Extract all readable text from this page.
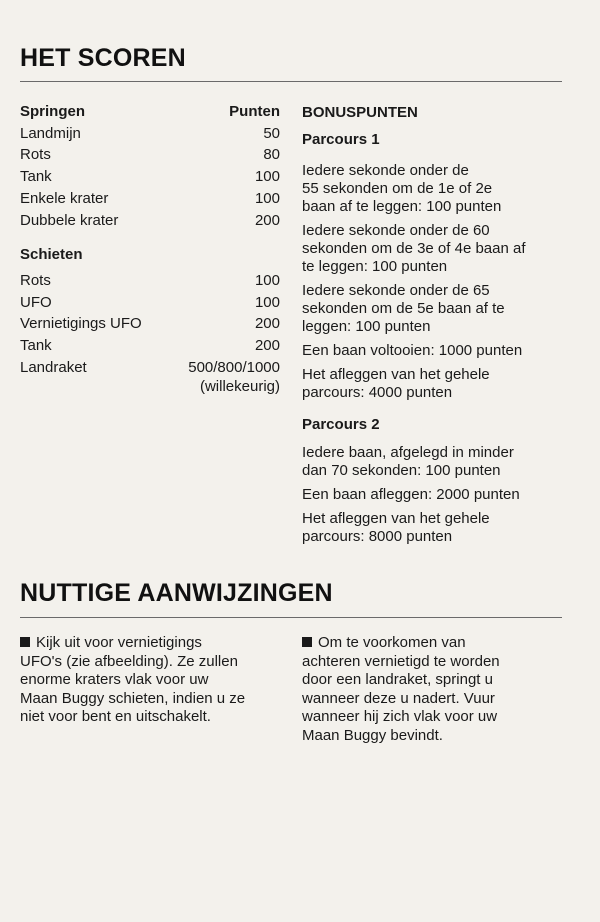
HET SCOREN
Springen	Punten
Landmijn	50
Rots	80
Tank	100
Enkele krater	100
Dubbele krater	200
Schieten
Rots	100
UFO	100
Vernietigings UFO	200
Tank	200
Landraket	500/800/1000
(willekeurig)
BONUSPUNTEN
Parcours 1

Iedere sekonde onder de
55 sekonden om de 1e of 2e
baan af te leggen: 100 punten

Iedere sekonde onder de 60
sekonden om de 3e of 4e baan af
te leggen: 100 punten

Iedere sekonde onder de 65
sekonden om de 5e baan af te
leggen: 100 punten

Een baan voltooien: 1000 punten

Het afleggen van het gehele
parcours: 4000 punten

Parcours 2

Iedere baan, afgelegd in minder
dan 70 sekonden: 100 punten

Een baan afleggen: 2000 punten

Het afleggen van het gehele
parcours: 8000 punten

NUTTIGE AANWIJZINGEN

Kijk uit voor vernietigings
UFO's (zie afbeelding). Ze zullen
enorme kraters vlak voor uw
Maan Buggy schieten, indien u ze
niet voor bent en uitschakelt.

Om te voorkomen van
achteren vernietigd te worden
door een landraket, springt u
wanneer deze u nadert. Vuur
wanneer hij zich vlak voor uw
Maan Buggy bevindt.
